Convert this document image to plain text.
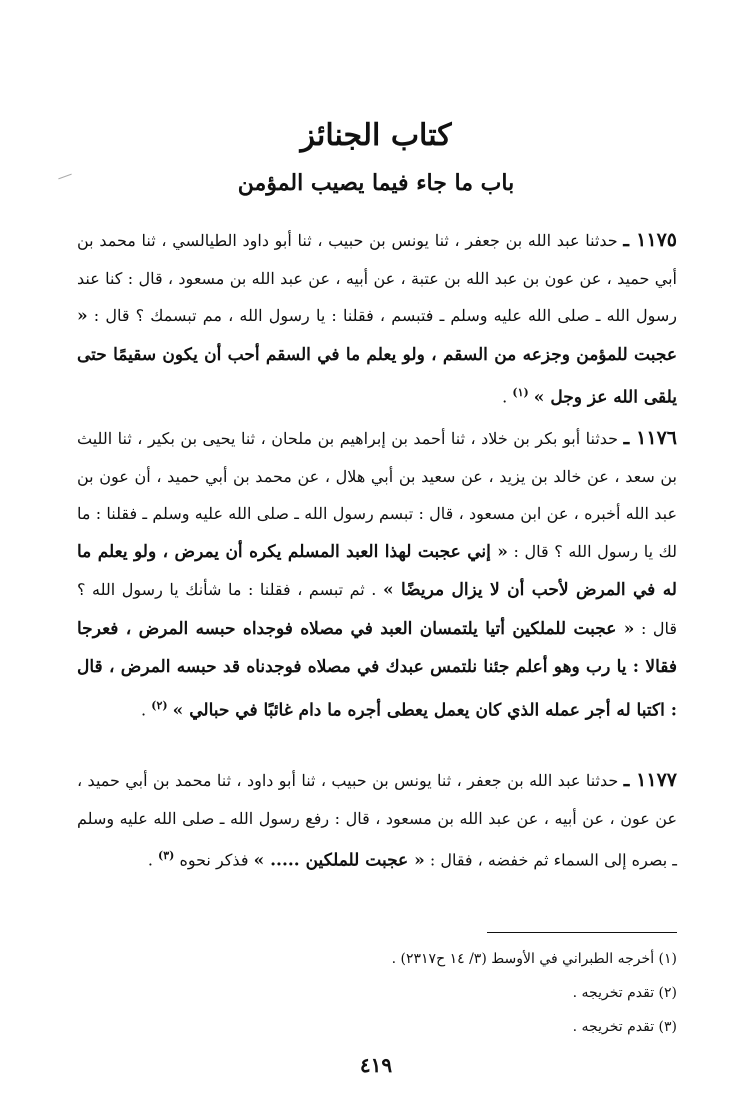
كتاب الجنائز
باب ما جاء فيما يصيب المؤمن

١١٧٥ ـ حدثنا عبد الله بن جعفر ، ثنا يونس بن حبيب ، ثنا أبو داود الطيالسي ، ثنا محمد بن أبي حميد ، عن عون بن عبد الله بن عتبة ، عن أبيه ، عن عبد الله بن مسعود ، قال : كنا عند رسول الله ـ صلى الله عليه وسلم ـ فتبسم ، فقلنا : يا رسول الله ، مم تبسمك ؟ قال : « عجبت للمؤمن وجزعه من السقم ، ولو يعلم ما في السقم أحب أن يكون سقيمًا حتى يلقى الله عز وجل » $^{(١)}$ .

١١٧٦ ـ حدثنا أبو بكر بن خلاد ، ثنا أحمد بن إبراهيم بن ملحان ، ثنا يحيى بن بكير ، ثنا الليث بن سعد ، عن خالد بن يزيد ، عن سعيد بن أبي هلال ، عن محمد بن أبي حميد ، أن عون بن عبد الله أخبره ، عن ابن مسعود ، قال : تبسم رسول الله ـ صلى الله عليه وسلم ـ فقلنا : ما لك يا رسول الله ؟ قال : « إني عجبت لهذا العبد المسلم يكره أن يمرض ، ولو يعلم ما له في المرض لأحب أن لا يزال مريضًا » . ثم تبسم ، فقلنا : ما شأنك يا رسول الله ؟ قال : « عجبت للملكين أتيا يلتمسان العبد في مصلاه فوجداه حبسه المرض ، فعرجا فقالا : يا رب وهو أعلم جئنا نلتمس عبدك في مصلاه فوجدناه قد حبسه المرض ، قال : اكتبا له أجر عمله الذي كان يعمل يعطى أجره ما دام غائبًا في حبالي » $^{(٢)}$ .

١١٧٧ ـ حدثنا عبد الله بن جعفر ، ثنا يونس بن حبيب ، ثنا أبو داود ، ثنا محمد بن أبي حميد ، عن عون ، عن أبيه ، عن عبد الله بن مسعود ، قال : رفع رسول الله ـ صلى الله عليه وسلم ـ بصره إلى السماء ثم خفضه ، فقال : « عجبت للملكين ..... » فذكر نحوه $^{(٣)}$ .

(١) أخرجه الطبراني في الأوسط (٣/ ١٤ ح٢٣١٧) .
(٢) تقدم تخريجه .
(٣) تقدم تخريجه .
٤١٩
